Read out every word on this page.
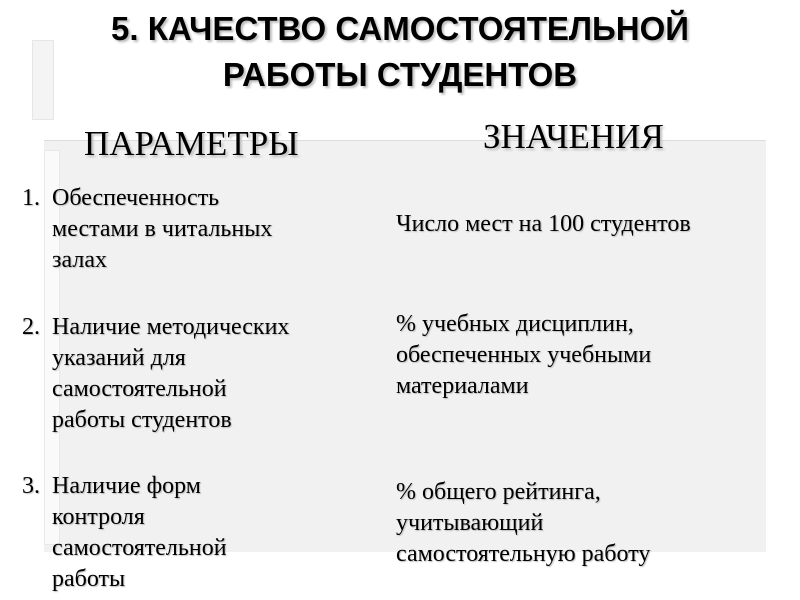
5. КАЧЕСТВО САМОСТОЯТЕЛЬНОЙ
РАБОТЫ СТУДЕНТОВ
ПАРАМЕТРЫ	ЗНАЧЕНИЯ
1. Обеспеченность
местами в читальных
залах
2. Наличие методических
указаний для
самостоятельной
работы студентов
3. Наличие форм
контроля
самостоятельной
работы
Число мест на 100 студентов
% учебных дисциплин,
обеспеченных учебными
материалами
% общего рейтинга,
учитывающий
самостоятельную работу
